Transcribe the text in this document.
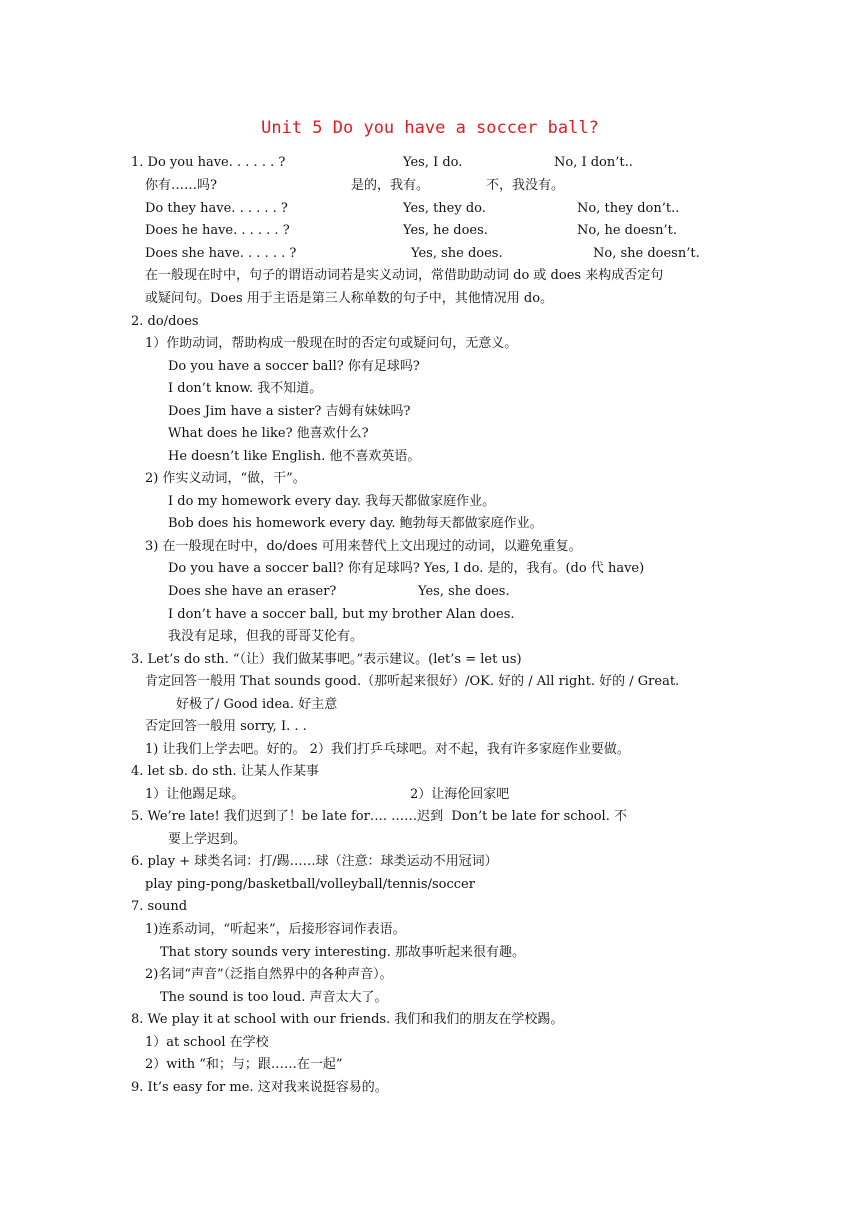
Unit 5 Do you have a soccer ball?
1. Do you have. . . . . . ?	Yes, I do.	No, I don’t..
你有……吗?	是的，我有。	不，我没有。
Do they have. . . . . . ?	Yes, they do.	No, they don’t..
Does he have. . . . . . ?	Yes, he does.	No, he doesn’t.
Does she have. . . . . . ?	Yes, she does.	No, she doesn’t.
在一般现在时中，句子的谓语动词若是实义动词，常借助助动词 do 或 does 来构成否定句
或疑问句。Does 用于主语是第三人称单数的句子中，其他情况用 do。
2. do/does
1）作助动词，帮助构成一般现在时的否定句或疑问句，无意义。
Do you have a soccer ball? 你有足球吗?
I don’t know. 我不知道。
Does Jim have a sister? 吉姆有妹妹吗?
What does he like? 他喜欢什么?
He doesn’t like English. 他不喜欢英语。
2) 作实义动词，“做，干”。
I do my homework every day. 我每天都做家庭作业。
Bob does his homework every day. 鲍勃每天都做家庭作业。
3) 在一般现在时中，do/does 可用来替代上文出现过的动词，以避免重复。
Do you have a soccer ball? 你有足球吗? Yes, I do. 是的，我有。(do 代 have)
Does she have an eraser?	Yes, she does.
I don’t have a soccer ball, but my brother Alan does.
我没有足球，但我的哥哥艾伦有。
3. Let’s do sth. “（让）我们做某事吧。”表示建议。(let’s = let us)
肯定回答一般用 That sounds good.（那听起来很好）/OK. 好的 / All right. 好的 / Great.
好极了/ Good idea. 好主意
否定回答一般用 sorry, I. . .
1) 让我们上学去吧。好的。 2）我们打乒乓球吧。对不起，我有许多家庭作业要做。
4. let sb. do sth. 让某人作某事
1）让他踢足球。	2）让海伦回家吧
5. We’re late! 我们迟到了！be late for…. ……迟到  Don’t be late for school. 不
要上学迟到。
6. play + 球类名词：打/踢……球（注意：球类运动不用冠词）
play ping-pong/basketball/volleyball/tennis/soccer
7. sound
1)连系动词，“听起来”，后接形容词作表语。
That story sounds very interesting. 那故事听起来很有趣。
2)名词“声音”（泛指自然界中的各种声音）。
The sound is too loud. 声音太大了。
8. We play it at school with our friends. 我们和我们的朋友在学校踢。
1）at school 在学校
2）with “和；与；跟……在一起”
9. It’s easy for me. 这对我来说挺容易的。
